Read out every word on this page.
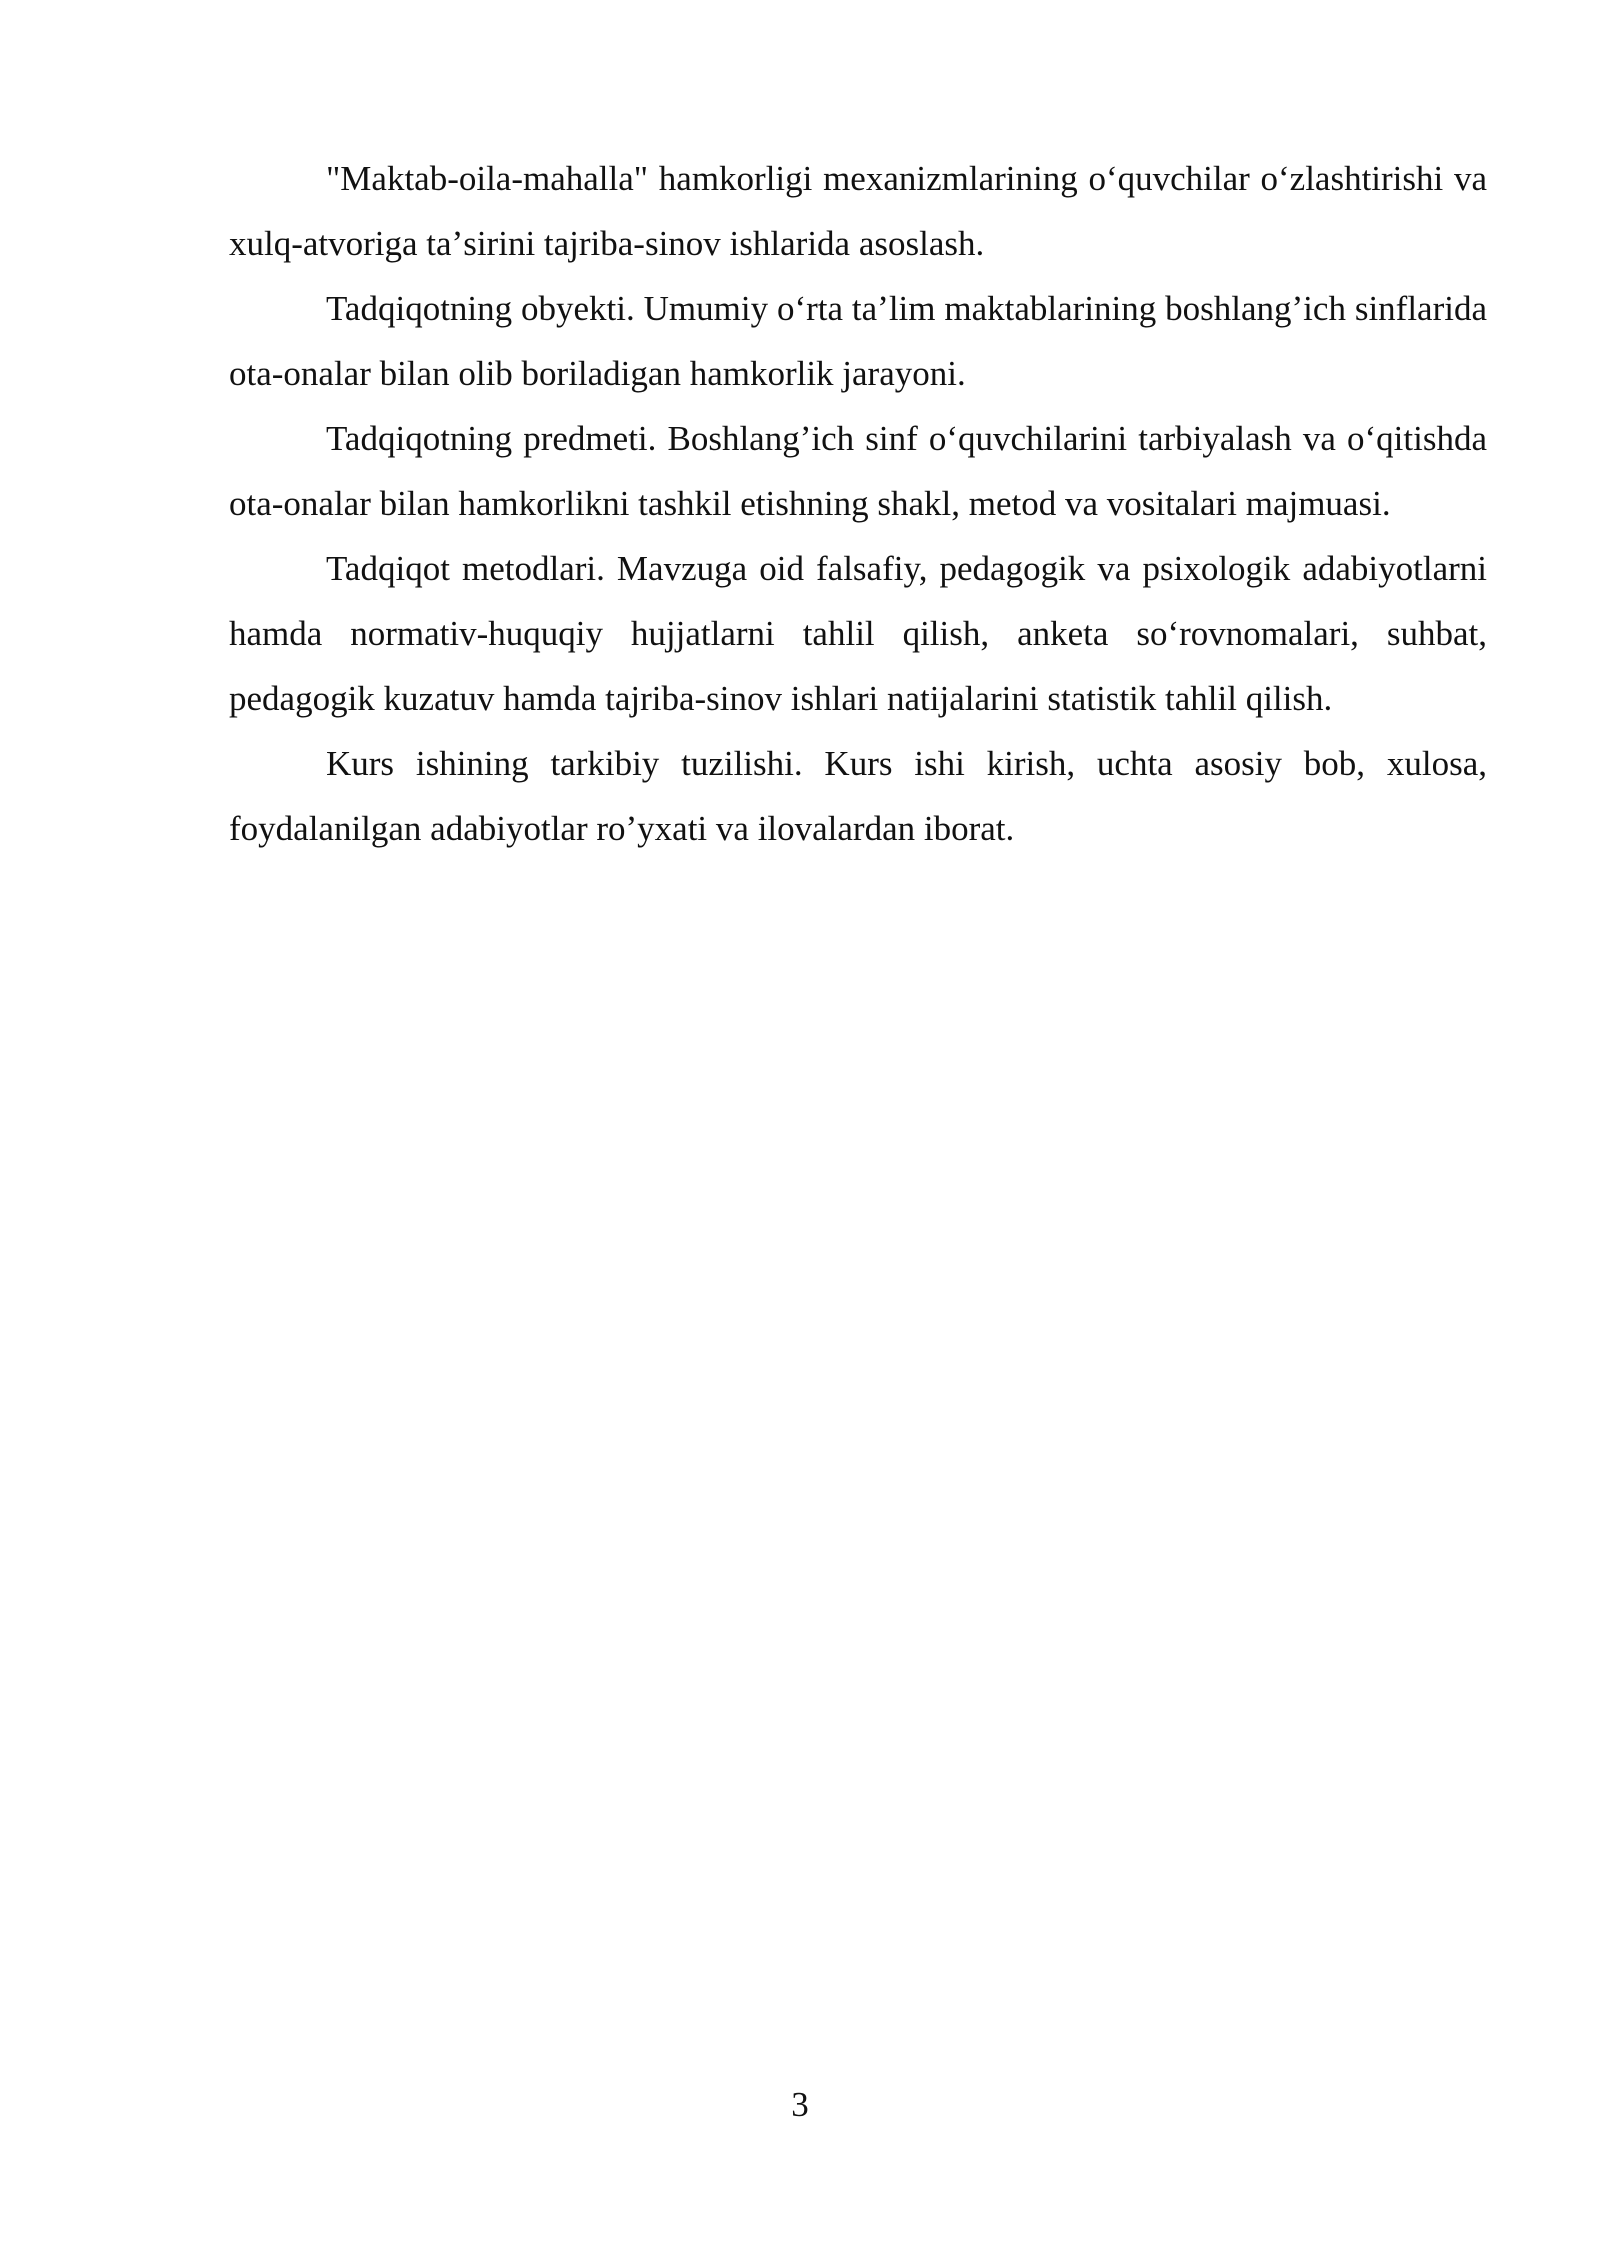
"Maktab-oila-mahalla" hamkorligi mexanizmlarining oʻquvchilar oʻzlashtirishi va xulq-atvoriga taʼsirini tajriba-sinov ishlarida asoslash.

Tadqiqotning obyekti. Umumiy oʻrta taʼlim maktablarining boshlangʼich sinflarida ota-onalar bilan olib boriladigan hamkorlik jarayoni.

Tadqiqotning predmeti. Boshlangʼich sinf oʻquvchilarini tarbiyalash va oʻqitishda ota-onalar bilan hamkorlikni tashkil etishning shakl, metod va vositalari majmuasi.

Tadqiqot metodlari. Mavzuga oid falsafiy, pedagogik va psixologik adabiyotlarni hamda normativ-huquqiy hujjatlarni tahlil qilish, anketa soʻrovnomalari, suhbat, pedagogik kuzatuv hamda tajriba-sinov ishlari natijalarini statistik tahlil qilish.

Kurs ishining tarkibiy tuzilishi. Kurs ishi kirish, uchta asosiy bob, xulosa, foydalanilgan adabiyotlar roʼyxati va ilovalardan iborat.

3
